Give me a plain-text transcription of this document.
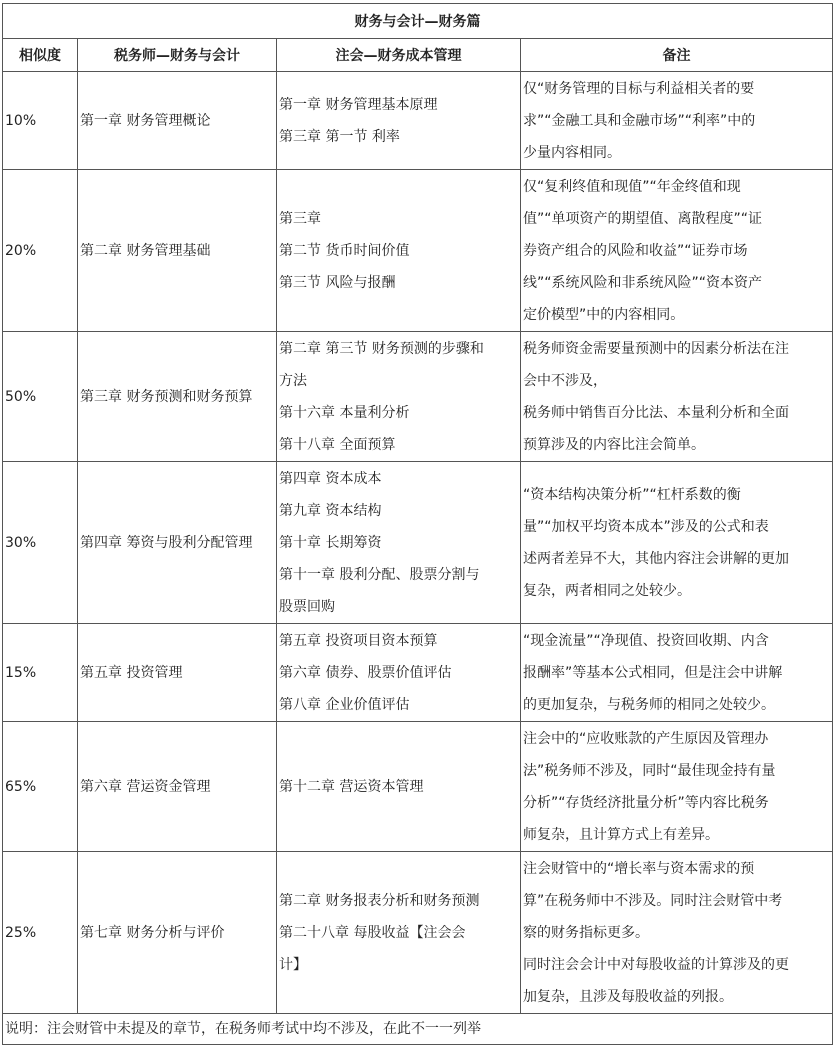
财务与会计—财务篇			
相似度	税务师—财务与会计	注会—财务成本管理	备注
10%	第一章 财务管理概论	第一章 财务管理基本原理
第三章 第一节 利率	仅“财务管理的目标与利益相关者的要
求”“金融工具和金融市场”“利率”中的
少量内容相同。

20%	第二章 财务管理基础	第三章
第二节 货币时间价值
第三节 风险与报酬	仅“复利终值和现值”“年金终值和现
值”“单项资产的期望值、离散程度”“证
券资产组合的风险和收益”“证券市场
线”“系统风险和非系统风险”“资本资产
定价模型”中的内容相同。

50%	第三章 财务预测和财务预算	第二章 第三节 财务预测的步骤和
方法
第十六章 本量利分析
第十八章 全面预算	税务师资金需要量预测中的因素分析法在注
会中不涉及，
税务师中销售百分比法、本量利分析和全面
预算涉及的内容比注会简单。

30%	第四章 筹资与股利分配管理	第四章 资本成本
第九章 资本结构
第十章 长期筹资
第十一章 股利分配、股票分割与
股票回购	“资本结构决策分析”“杠杆系数的衡
量”“加权平均资本成本”涉及的公式和表
述两者差异不大，其他内容注会讲解的更加
复杂，两者相同之处较少。

15%	第五章 投资管理	第五章 投资项目资本预算
第六章 债券、股票价值评估
第八章 企业价值评估	“现金流量”“净现值、投资回收期、内含
报酬率”等基本公式相同，但是注会中讲解
的更加复杂，与税务师的相同之处较少。

65%	第六章 营运资金管理	第十二章 营运资本管理	注会中的“应收账款的产生原因及管理办
法”税务师不涉及，同时“最佳现金持有量
分析”“存货经济批量分析”等内容比税务
师复杂，且计算方式上有差异。

25%	第七章 财务分析与评价	第二章 财务报表分析和财务预测
第二十八章 每股收益【注会会
计】	注会财管中的“增长率与资本需求的预
算”在税务师中不涉及。同时注会财管中考
察的财务指标更多。
同时注会会计中对每股收益的计算涉及的更
加复杂，且涉及每股收益的列报。

说明：注会财管中未提及的章节，在税务师考试中均不涉及，在此不一一列举			
